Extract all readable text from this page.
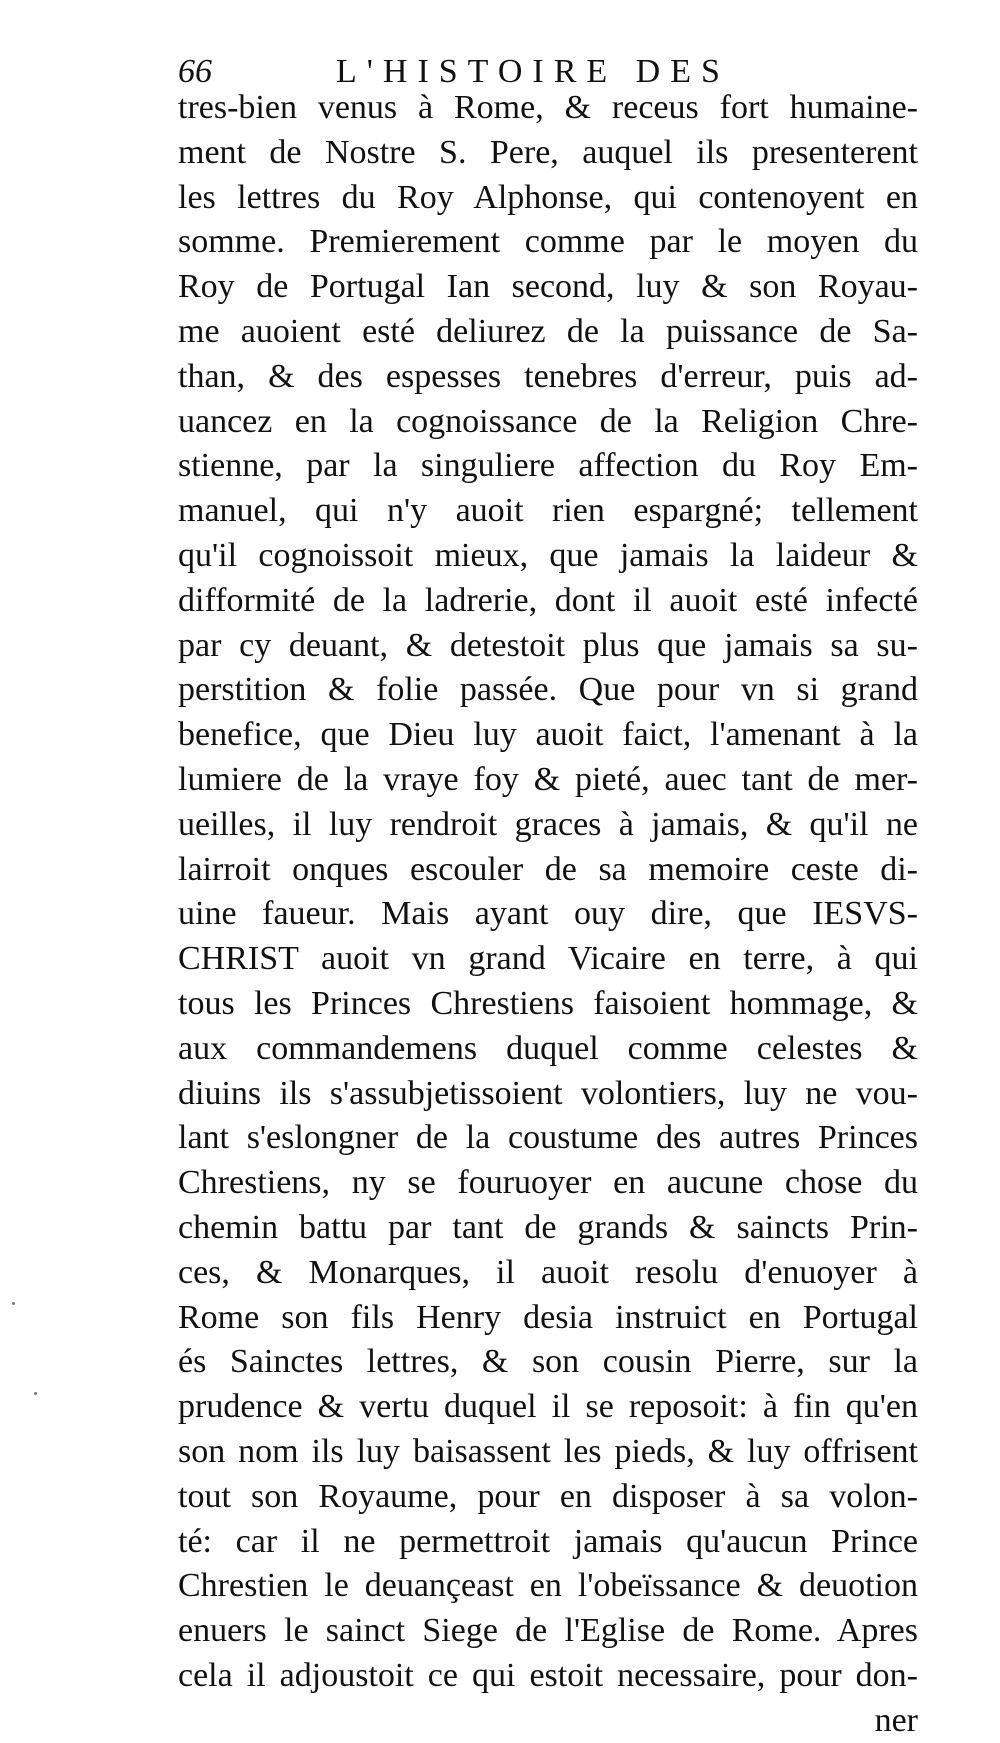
66	L'HISTOIRE DES
tres-bien venus à Rome, & receus fort humaine-
ment de Nostre S. Pere, auquel ils presenterent
les lettres du Roy Alphonse, qui contenoyent en
somme. Premierement comme par le moyen du
Roy de Portugal Ian second, luy & son Royau-
me auoient esté deliurez de la puissance de Sa-
than, & des espesses tenebres d'erreur, puis ad-
uancez en la cognoissance de la Religion Chre-
stienne, par la singuliere affection du Roy Em-
manuel, qui n'y auoit rien espargné; tellement
qu'il cognoissoit mieux, que jamais la laideur &
difformité de la ladrerie, dont il auoit esté infecté
par cy deuant, & detestoit plus que jamais sa su-
perstition & folie passée. Que pour vn si grand
benefice, que Dieu luy auoit faict, l'amenant à la
lumiere de la vraye foy & pieté, auec tant de mer-
ueilles, il luy rendroit graces à jamais, & qu'il ne
lairroit onques escouler de sa memoire ceste di-
uine faueur. Mais ayant ouy dire, que IESVS-
CHRIST auoit vn grand Vicaire en terre, à qui
tous les Princes Chrestiens faisoient hommage, &
aux commandemens duquel comme celestes &
diuins ils s'assubjetissoient volontiers, luy ne vou-
lant s'eslongner de la coustume des autres Princes
Chrestiens, ny se fouruoyer en aucune chose du
chemin battu par tant de grands & saincts Prin-
ces, & Monarques, il auoit resolu d'enuoyer à
Rome son fils Henry desia instruict en Portugal
és Sainctes lettres, & son cousin Pierre, sur la
prudence & vertu duquel il se reposoit: à fin qu'en
son nom ils luy baisassent les pieds, & luy offrisent
tout son Royaume, pour en disposer à sa volon-
té: car il ne permettroit jamais qu'aucun Prince
Chrestien le deuançeast en l'obeïssance & deuotion
enuers le sainct Siege de l'Eglise de Rome. Apres
cela il adjoustoit ce qui estoit necessaire, pour don-
ner
